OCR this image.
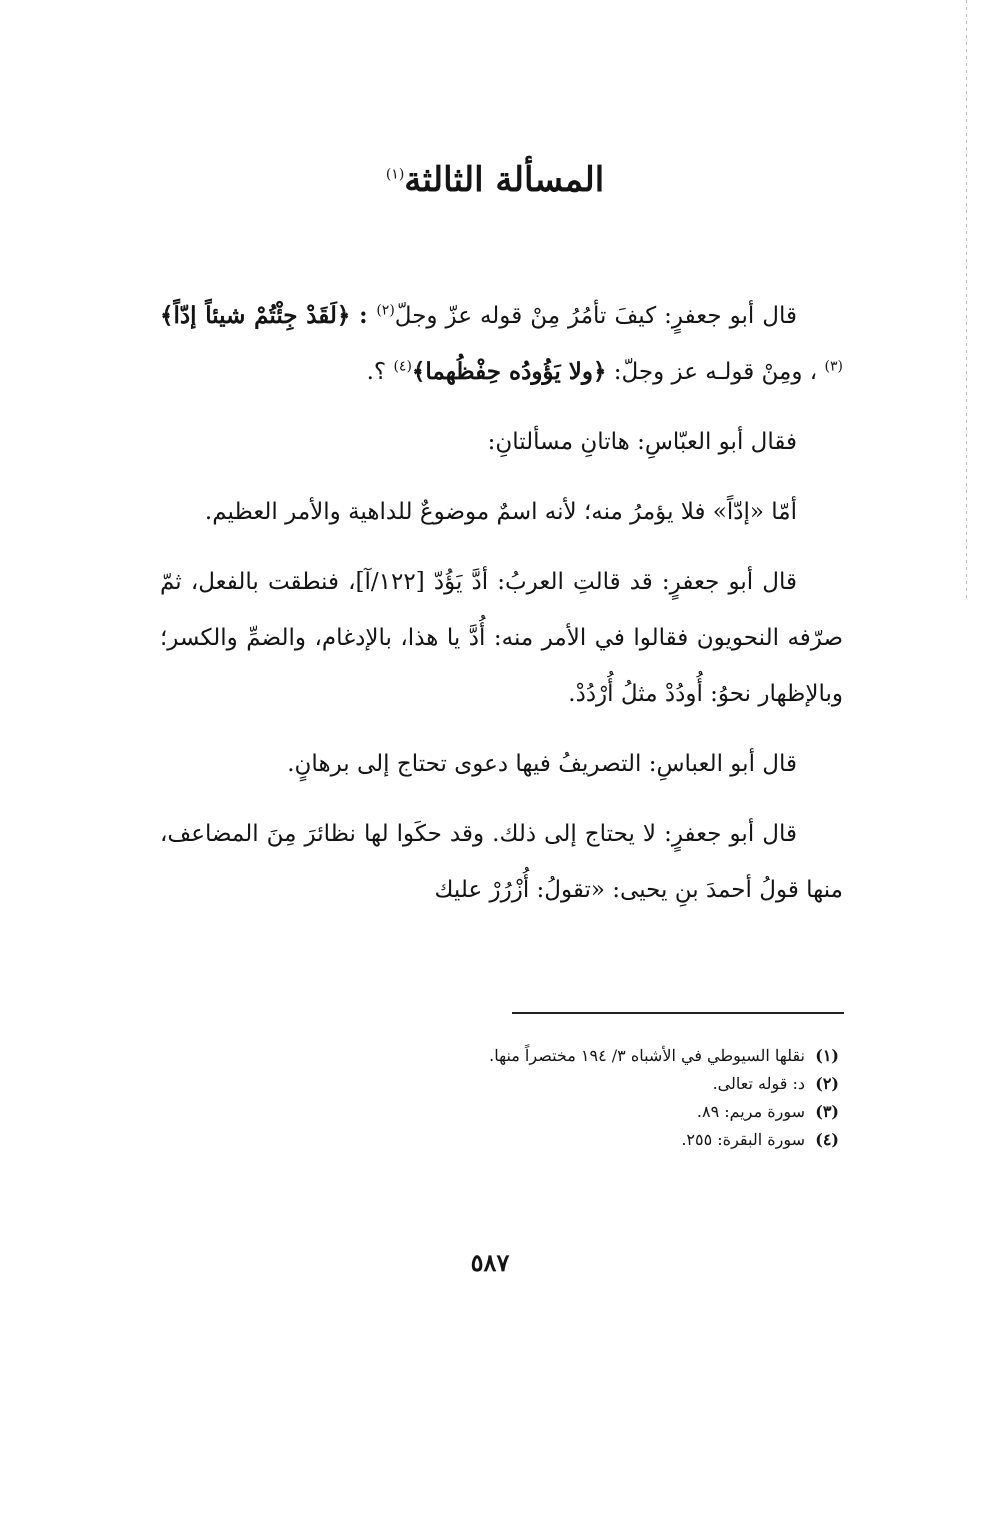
المسألة الثالثة$^{(١)}$

قال أبو جعفرٍ: كيفَ تأمُرُ مِنْ قوله عزّ وجلّ$^{(٢)}$ : ﴿لَقَدْ جِئْتُمْ شيئاً إدّاً﴾$^{(٣)}$ ، ومِنْ قولـه عز وجلّ: ﴿ولا يَؤُودُه حِفْظُهما﴾$^{(٤)}$ ؟.

فقال أبو العبّاسِ: هاتانِ مسألتانِ:

أمّا «إدّاً» فلا يؤمرُ منه؛ لأنه اسمٌ موضوعٌ للداهية والأمر العظيم.

قال أبو جعفرٍ: قد قالتِ العربُ: أدَّ يَؤُدّ [١٢٢/آ]، فنطقت بالفعل، ثمّ صرّفه النحويون فقالوا في الأمر منه: أُدَّ يا هذا، بالإدغام، والضمِّ والكسر؛ وبالإظهار نحوُ: أُودُدْ مثلُ أُرْدُدْ.

قال أبو العباسِ: التصريفُ فيها دعوى تحتاج إلى برهانٍ.

قال أبو جعفرٍ: لا يحتاج إلى ذلك. وقد حكَوا لها نظائرَ مِنَ المضاعف، منها قولُ أحمدَ بنِ يحيى: «تقولُ: أُزْرُرْ عليك

(١)نقلها السيوطي في الأشباه ٣/ ١٩٤ مختصراً منها.

(٢)د: قوله تعالى.

(٣)سورة مريم: ٨٩.

(٤)سورة البقرة: ٢٥٥.

٥٨٧
